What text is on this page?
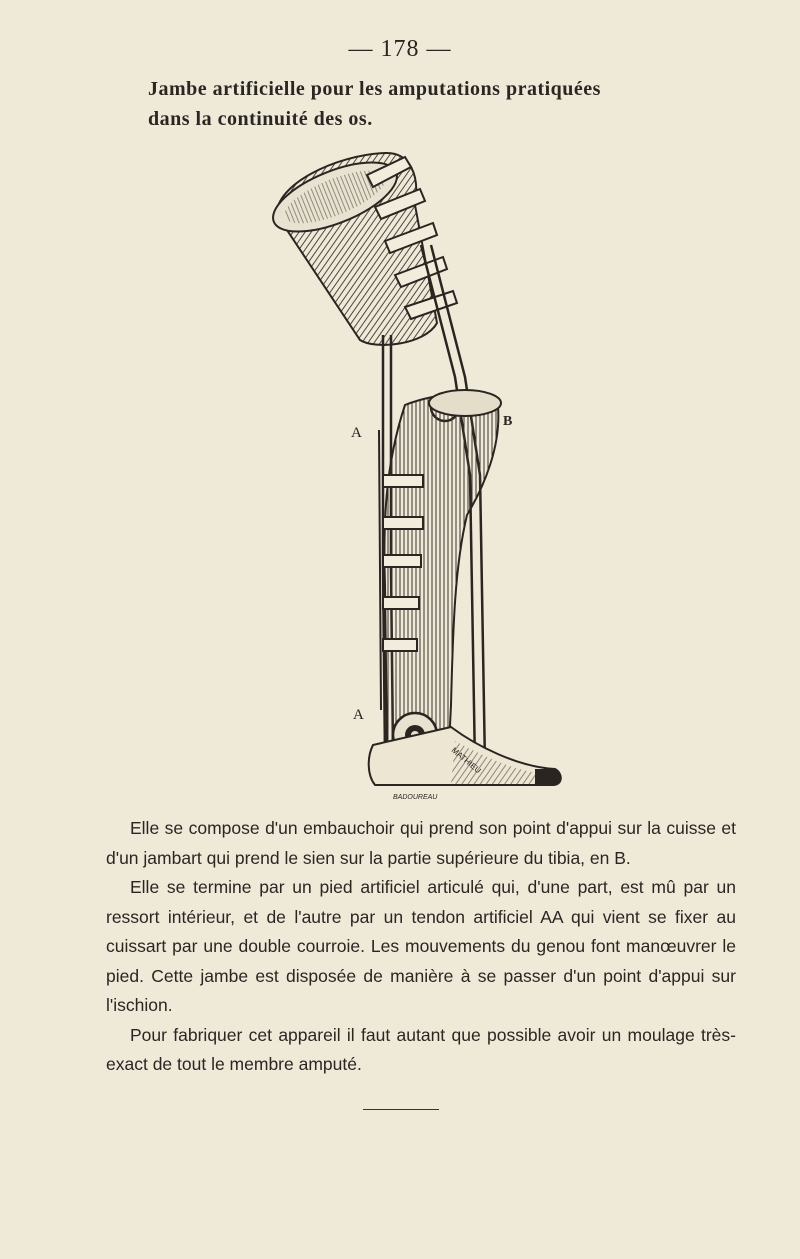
— 178 —
Jambe artificielle pour les amputations pratiquées
dans la continuité des os.
A
A
B
MATHIEU
BADOUREAU

Elle se compose d'un embauchoir qui prend son point d'appui sur la cuisse et d'un jambart qui prend le sien sur la partie supérieure du tibia, en B.

Elle se termine par un pied artificiel articulé qui, d'une part, est mû par un ressort intérieur, et de l'autre par un tendon artificiel AA qui vient se fixer au cuissart par une double courroie. Les mouvements du genou font manœuvrer le pied. Cette jambe est disposée de manière à se passer d'un point d'appui sur l'ischion.

Pour fabriquer cet appareil il faut autant que possible avoir un moulage très-exact de tout le membre amputé.
